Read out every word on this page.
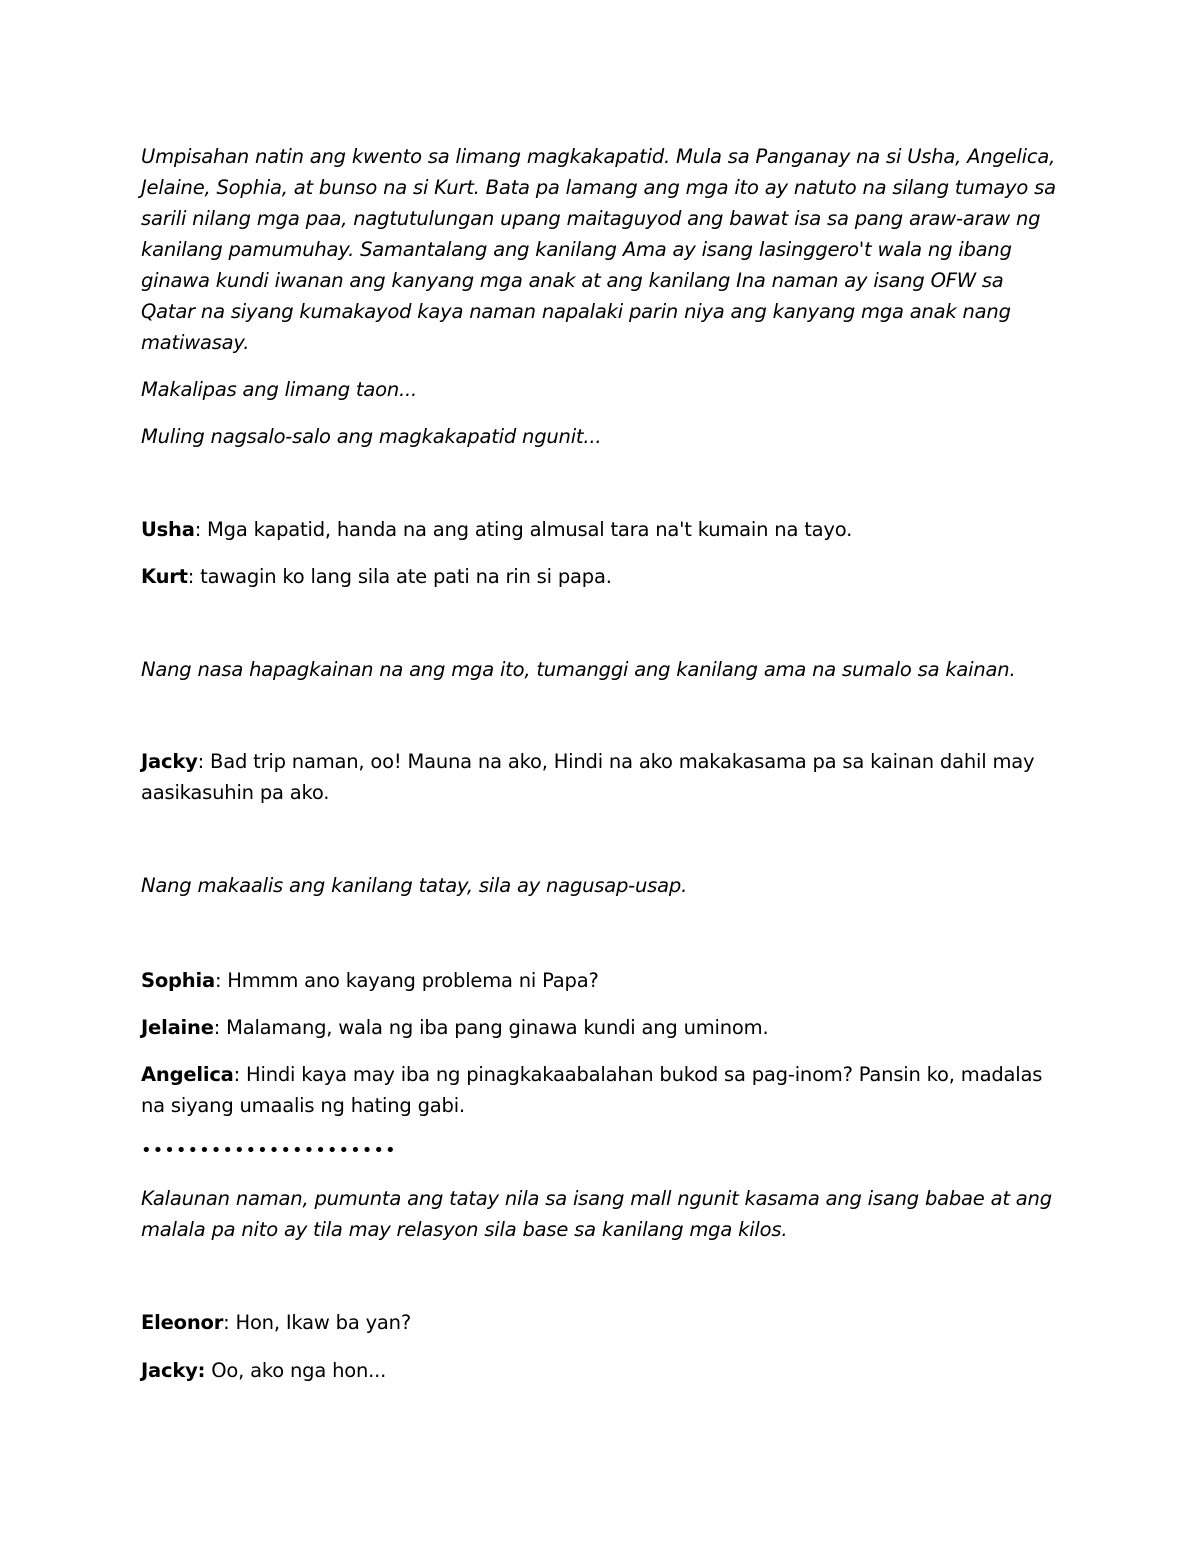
Umpisahan natin ang kwento sa limang magkakapatid. Mula sa Panganay na si Usha, Angelica, Jelaine, Sophia, at bunso na si Kurt. Bata pa lamang ang mga ito ay natuto na silang tumayo sa sarili nilang mga paa, nagtutulungan upang maitaguyod ang bawat isa sa pang araw-araw ng kanilang pamumuhay. Samantalang ang kanilang Ama ay isang lasinggero't wala ng ibang ginawa kundi iwanan ang kanyang mga anak at ang kanilang Ina naman ay isang OFW sa Qatar na siyang kumakayod kaya naman napalaki parin niya ang kanyang mga anak nang matiwasay.

Makalipas ang limang taon...

Muling nagsalo-salo ang magkakapatid ngunit...

Usha: Mga kapatid, handa na ang ating almusal tara na't kumain na tayo.

Kurt: tawagin ko lang sila ate pati na rin si papa.

Nang nasa hapagkainan na ang mga ito, tumanggi ang kanilang ama na sumalo sa kainan.

Jacky: Bad trip naman, oo! Mauna na ako, Hindi na ako makakasama pa sa kainan dahil may aasikasuhin pa ako.

Nang makaalis ang kanilang tatay, sila ay nagusap-usap.

Sophia: Hmmm ano kayang problema ni Papa?

Jelaine: Malamang, wala ng iba pang ginawa kundi ang uminom.

Angelica: Hindi kaya may iba ng pinagkakaabalahan bukod sa pag-inom? Pansin ko, madalas na siyang umaalis ng hating gabi.

••••••••••••••••••••••

Kalaunan naman, pumunta ang tatay nila sa isang mall ngunit kasama ang isang babae at ang malala pa nito ay tila may relasyon sila base sa kanilang mga kilos.

Eleonor: Hon, Ikaw ba yan?

Jacky: Oo, ako nga hon...
